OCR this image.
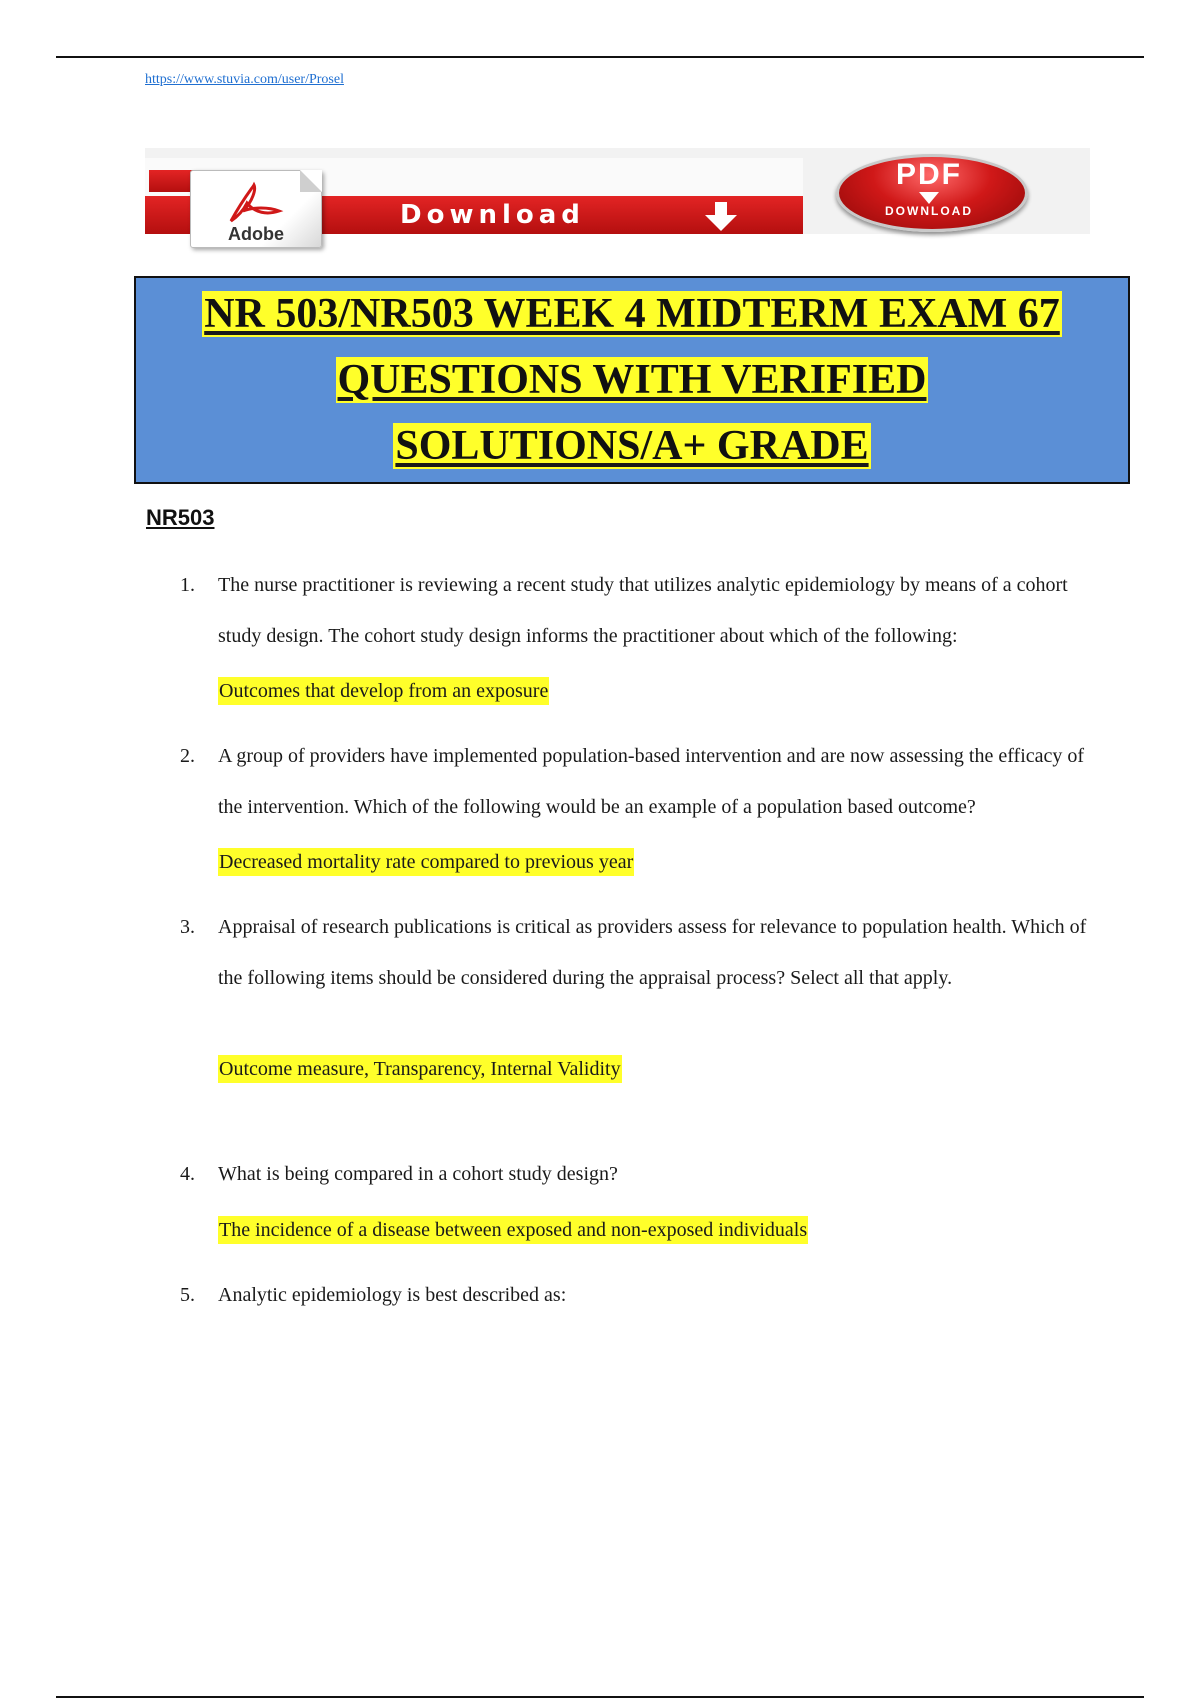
https://www.stuvia.com/user/Prosel
Adobe
Download
PDF
DOWNLOAD
NR 503/NR503 WEEK 4 MIDTERM EXAM 67
QUESTIONS WITH VERIFIED
SOLUTIONS/A+ GRADE
NR503
1. The nurse practitioner is reviewing a recent study that utilizes analytic epidemiology by means of a cohort study design. The cohort study design informs the practitioner about which of the following:

Outcomes that develop from an exposure
2. A group of providers have implemented population-based intervention and are now assessing the efficacy of the intervention. Which of the following would be an example of a population based outcome?

Decreased mortality rate compared to previous year
3. Appraisal of research publications is critical as providers assess for relevance to population health. Which of the following items should be considered during the appraisal process? Select all that apply.

Outcome measure, Transparency, Internal Validity
4. What is being compared in a cohort study design?

The incidence of a disease between exposed and non-exposed individuals
5. Analytic epidemiology is best described as:
